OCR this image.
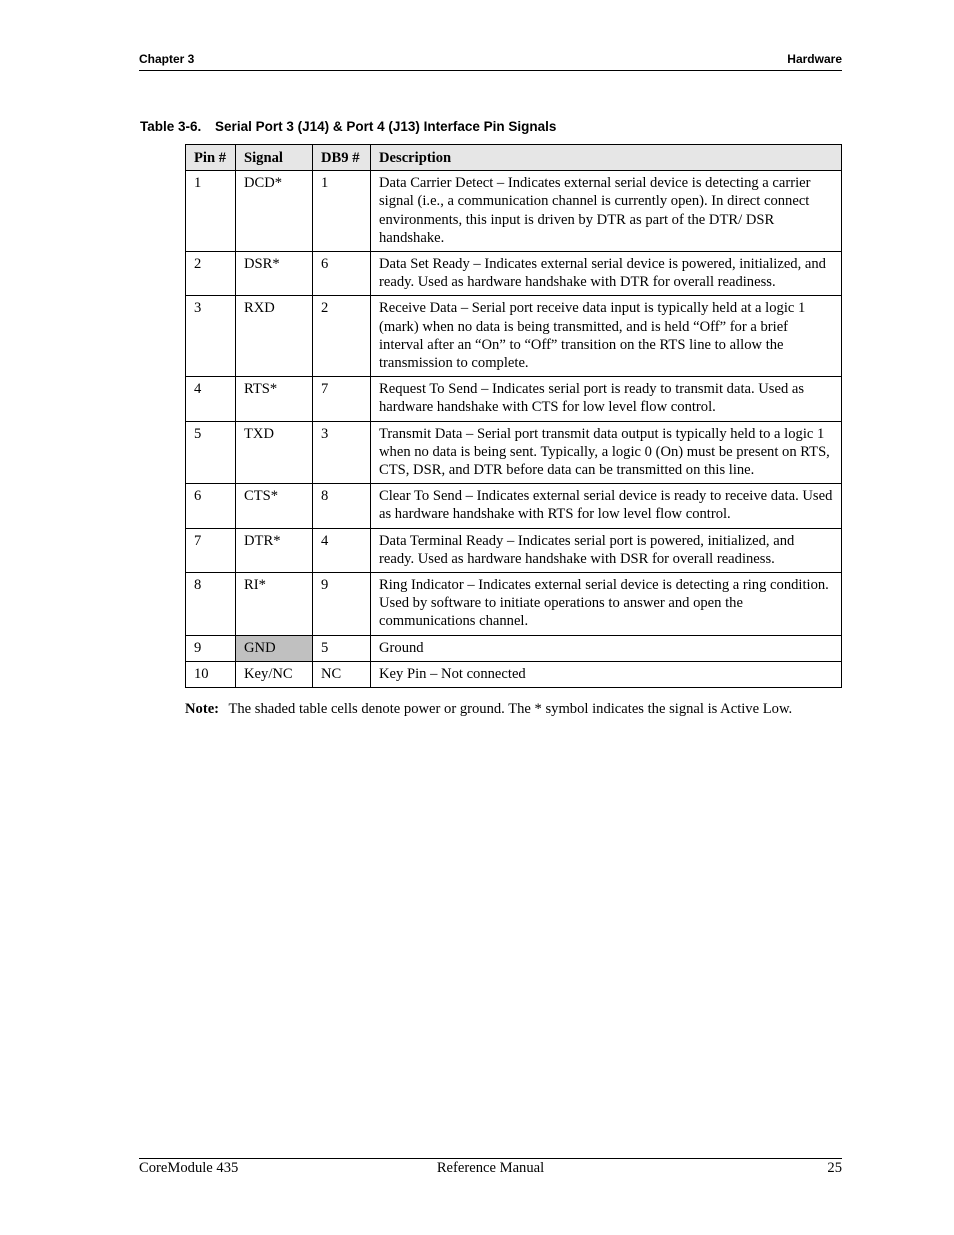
Chapter 3	Hardware
Table 3-6. Serial Port 3 (J14) & Port 4 (J13) Interface Pin Signals
Pin #	Signal	DB9 #	Description
1	DCD*	1	Data Carrier Detect – Indicates external serial device is detecting a carrier signal (i.e., a communication channel is currently open). In direct connect environments, this input is driven by DTR as part of the DTR/ DSR handshake.
2	DSR*	6	Data Set Ready – Indicates external serial device is powered, initialized, and ready. Used as hardware handshake with DTR for overall readiness.
3	RXD	2	Receive Data – Serial port receive data input is typically held at a logic 1 (mark) when no data is being transmitted, and is held “Off” for a brief interval after an “On” to “Off” transition on the RTS line to allow the transmission to complete.
4	RTS*	7	Request To Send – Indicates serial port is ready to transmit data. Used as hardware handshake with CTS for low level flow control.
5	TXD	3	Transmit Data – Serial port transmit data output is typically held to a logic 1 when no data is being sent. Typically, a logic 0 (On) must be present on RTS, CTS, DSR, and DTR before data can be transmitted on this line.
6	CTS*	8	Clear To Send – Indicates external serial device is ready to receive data. Used as hardware handshake with RTS for low level flow control.
7	DTR*	4	Data Terminal Ready – Indicates serial port is powered, initialized, and ready. Used as hardware handshake with DSR for overall readiness.
8	RI*	9	Ring Indicator – Indicates external serial device is detecting a ring condition. Used by software to initiate operations to answer and open the communications channel.
9	GND	5	Ground
10	Key/NC	NC	Key Pin – Not connected
Note: The shaded table cells denote power or ground. The * symbol indicates the signal is Active Low.
CoreModule 435	Reference Manual	25
